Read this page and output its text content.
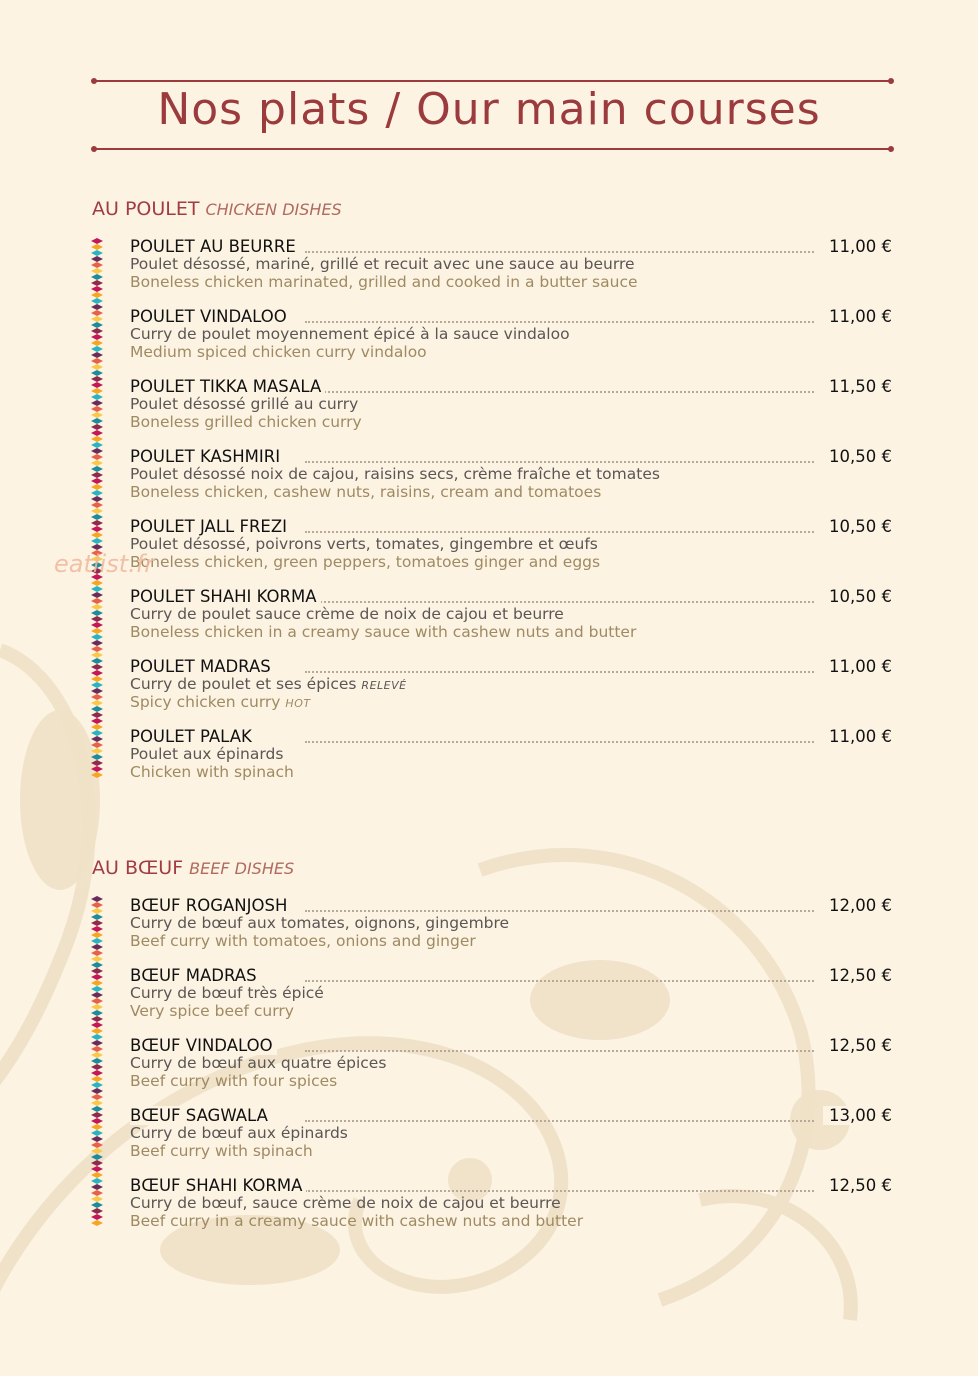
Nos plats / Our main courses
AU POULET CHICKEN DISHES
POULET AU BEURRE	11,00 €
Poulet désossé, mariné, grillé et recuit avec une sauce au beurre
Boneless chicken marinated, grilled and cooked in a butter sauce
POULET VINDALOO	11,00 €
Curry de poulet moyennement épicé à la sauce vindaloo
Medium spiced chicken curry vindaloo
POULET TIKKA MASALA	11,50 €
Poulet désossé grillé au curry
Boneless grilled chicken curry
POULET KASHMIRI	10,50 €
Poulet désossé noix de cajou, raisins secs, crème fraîche et tomates
Boneless chicken, cashew nuts, raisins, cream and tomatoes
POULET JALL FREZI	10,50 €
Poulet désossé, poivrons verts, tomates, gingembre et œufs
Boneless chicken, green peppers, tomatoes ginger and eggs
POULET SHAHI KORMA	10,50 €
Curry de poulet sauce crème de noix de cajou et beurre
Boneless chicken in a creamy sauce with cashew nuts and butter
POULET MADRAS	11,00 €
Curry de poulet et ses épices RELEVÉ
Spicy chicken curry HOT
POULET PALAK	11,00 €
Poulet aux épinards
Chicken with spinach
AU BŒUF BEEF DISHES
BŒUF ROGANJOSH	12,00 €
Curry de bœuf aux tomates, oignons, gingembre
Beef curry with tomatoes, onions and ginger
BŒUF MADRAS	12,50 €
Curry de bœuf très épicé
Very spice beef curry
BŒUF VINDALOO	12,50 €
Curry de bœuf aux quatre épices
Beef curry with four spices
BŒUF SAGWALA	13,00 €
Curry de bœuf aux épinards
Beef curry with spinach
BŒUF SHAHI KORMA	12,50 €
Curry de bœuf, sauce crème de noix de cajou et beurre
Beef curry in a creamy sauce with cashew nuts and butter
eatlist.fr
